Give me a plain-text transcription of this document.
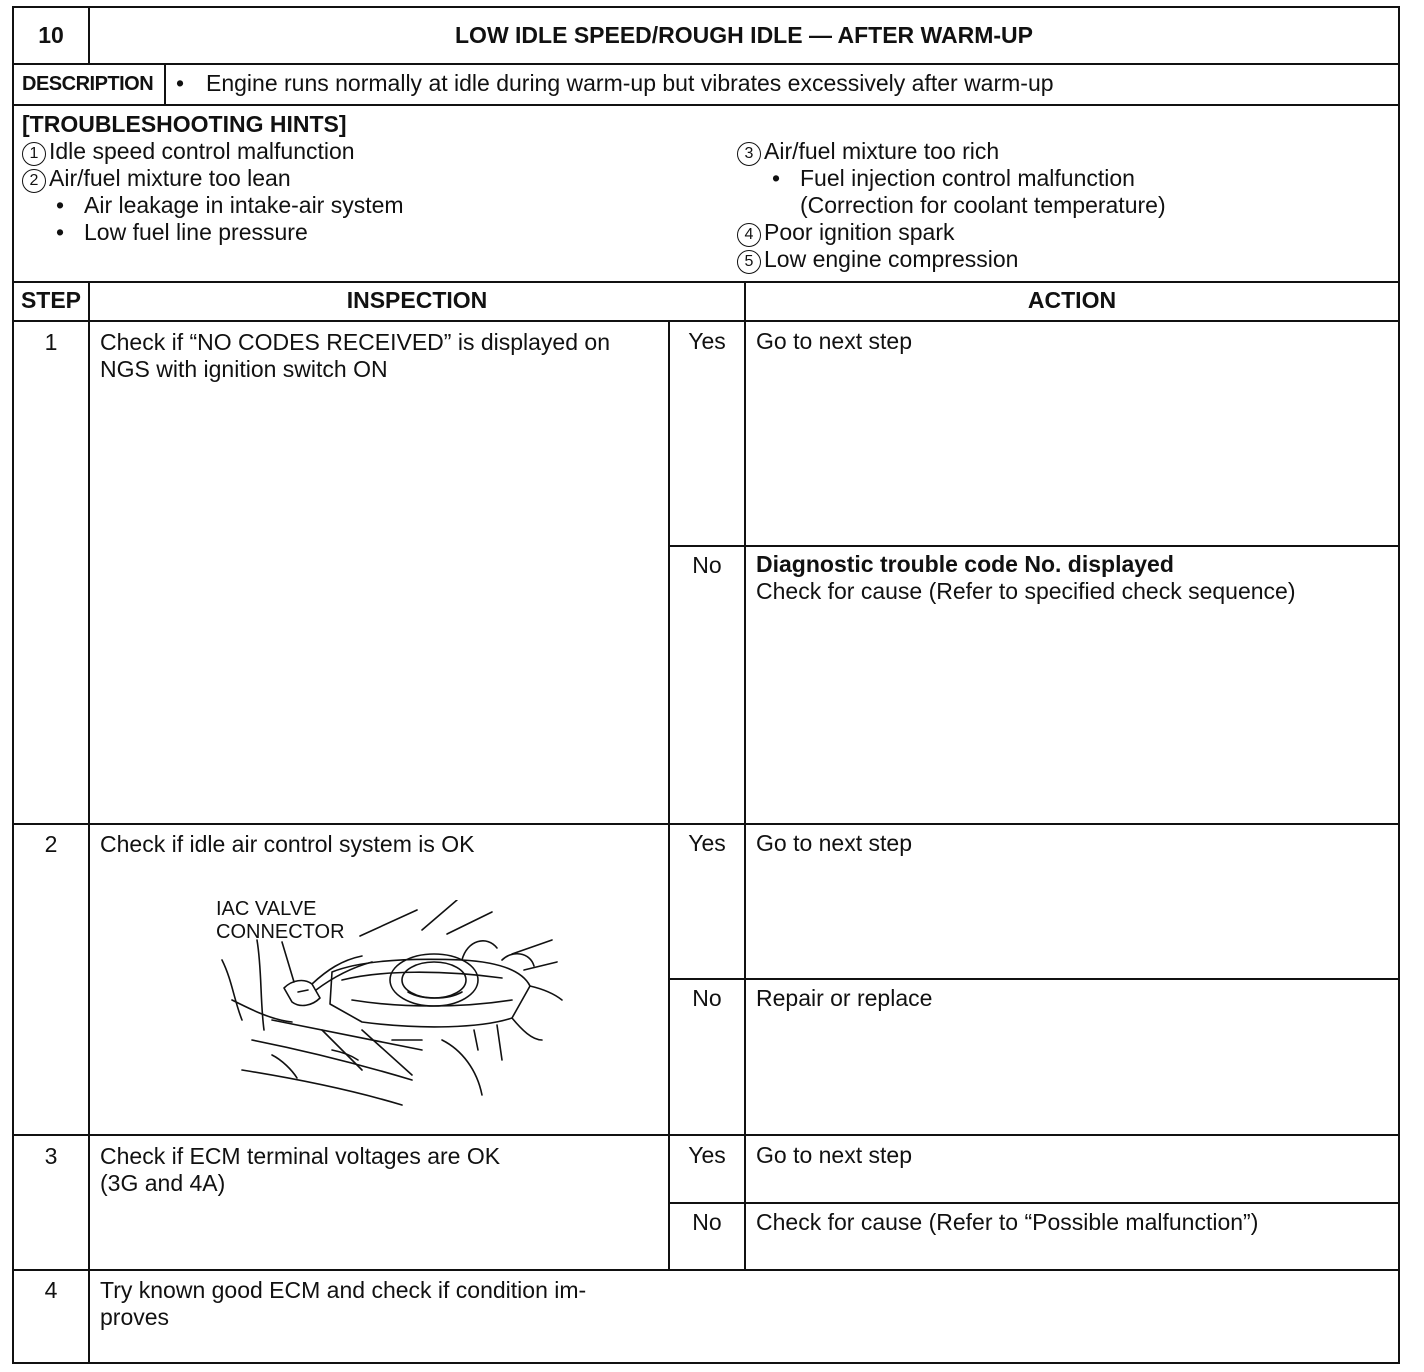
10	LOW IDLE SPEED/ROUGH IDLE — AFTER WARM-UP
DESCRIPTION • Engine runs normally at idle during warm-up but vibrates excessively after warm-up
[TROUBLESHOOTING HINTS]
1 Idle speed control malfunction
2 Air/fuel mixture too lean
• Air leakage in intake-air system
• Low fuel line pressure
3 Air/fuel mixture too rich
• Fuel injection control malfunction
(Correction for coolant temperature)
4 Poor ignition spark
5 Low engine compression
STEP	INSPECTION	ACTION
1	Check if “NO CODES RECEIVED” is displayed on
NGS with ignition switch ON
Yes	Go to next step
No	Diagnostic trouble code No. displayed
Check for cause (Refer to specified check sequence)
2	Check if idle air control system is OK
IAC VALVE
CONNECTOR
Yes	Go to next step
No	Repair or replace
3	Check if ECM terminal voltages are OK
(3G and 4A)
Yes	Go to next step
No	Check for cause (Refer to “Possible malfunction”)
4	Try known good ECM and check if condition im-
proves
